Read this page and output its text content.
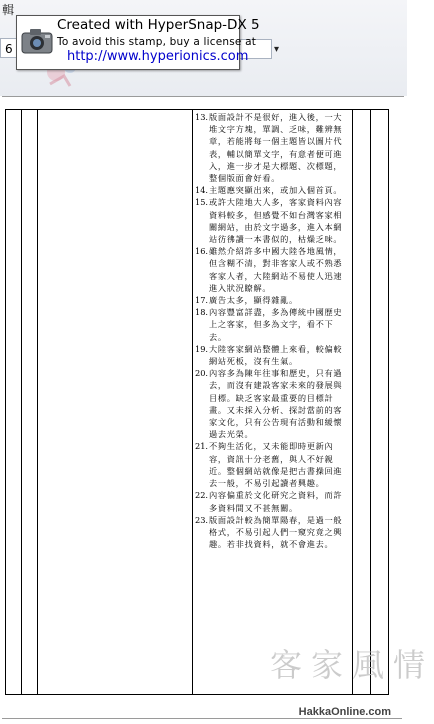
輯
6	▾
Created with HyperSnap-DX 5
To avoid this stamp, buy a license at
http://www.hyperionics.com
13. 版面設計不是很好，進入後，一大堆文字方塊，單調、乏味，難辨無章，若能將每一個主題皆以圖片代表，輔以簡單文字，有意者便可進入，進一步才是大標題、次標題，整個版面會好看。
14. 主題應突顯出來，或加入個首頁。
15. 或許大陸地大人多，客家資料內容資料較多，但感覺不如台灣客家相關網站，由於文字過多，進入本網站彷彿讀一本書似的，枯燥乏味。
16. 雖然介紹許多中國大陸各地風情，但含糊不清，對非客家人或不熟悉客家人者，大陸網站不易使人迅速進入狀況瞭解。
17. 廣告太多，顯得雜亂。
18. 內容豐富詳盡，多為傳統中國歷史上之客家，但多為文字，看不下去。
19. 大陸客家網站整體上來看，較偏較網站死板，沒有生氣。
20. 內容多為陳年往事和歷史，只有過去，而沒有建設客家未來的發展與目標。缺乏客家最重要的目標計畫。又未採入分析、探討當前的客家文化，只有公告現有活動和緩懷過去光榮。
21. 不夠生活化，又未能即時更新內容，資訊十分老舊，與人不好親近。整個網站就像是把古書操回進去一般，不易引起讀者興趣。
22. 內容偏重於文化研究之資料，而許多資料間又不甚無關。
23. 版面設計較為簡單陽春，是過一般格式，不易引起人們一窺究竟之興趣。若非找資料，就不會進去。
客家風情
HakkaOnline.com
